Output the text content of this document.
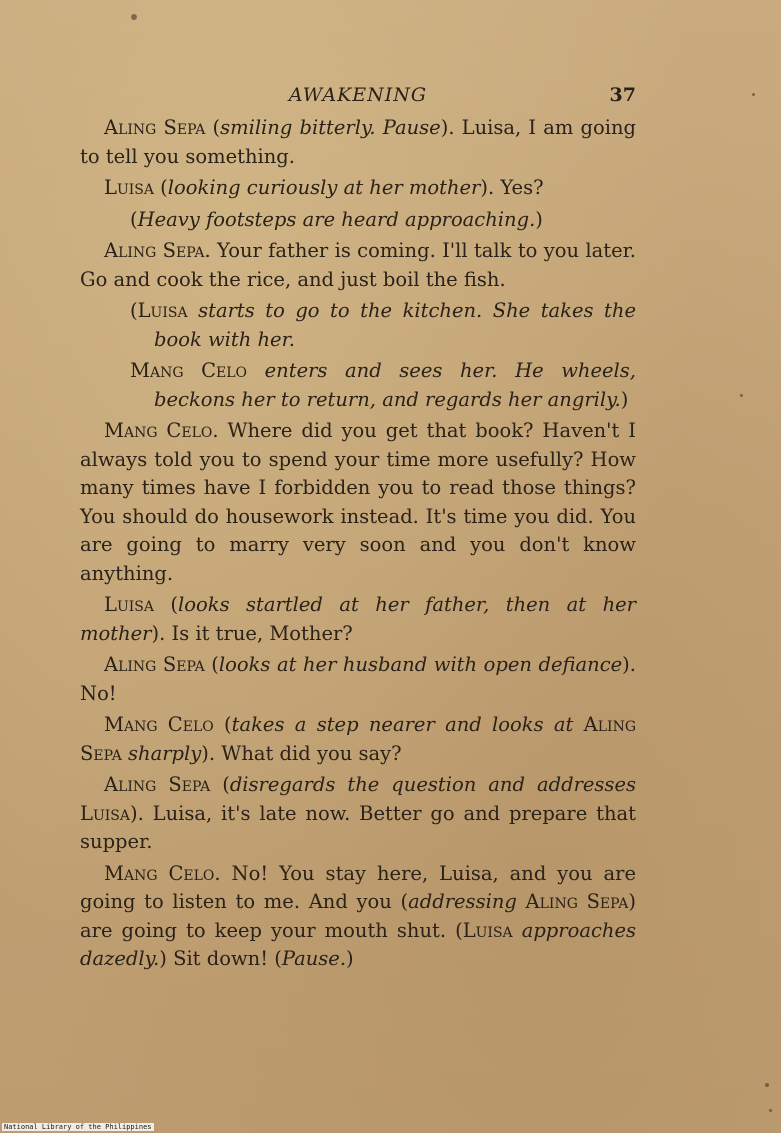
AWAKENING	37

Aling Sepa (smiling bitterly. Pause). Luisa, I am going to tell you something.

Luisa (looking curiously at her mother). Yes?

(Heavy footsteps are heard approaching.)

Aling Sepa. Your father is coming. I'll talk to you later. Go and cook the rice, and just boil the fish.

(Luisa starts to go to the kitchen. She takes the book with her.

Mang Celo enters and sees her. He wheels, beckons her to return, and regards her angrily.)

Mang Celo. Where did you get that book? Haven't I always told you to spend your time more usefully? How many times have I forbidden you to read those things? You should do housework instead. It's time you did. You are going to marry very soon and you don't know anything.

Luisa (looks startled at her father, then at her mother). Is it true, Mother?

Aling Sepa (looks at her husband with open defiance). No!

Mang Celo (takes a step nearer and looks at Aling Sepa sharply). What did you say?

Aling Sepa (disregards the question and addresses Luisa). Luisa, it's late now. Better go and prepare that supper.

Mang Celo. No! You stay here, Luisa, and you are going to listen to me. And you (addressing Aling Sepa) are going to keep your mouth shut. (Luisa approaches dazedly.) Sit down! (Pause.)

National Library of the Philippines
